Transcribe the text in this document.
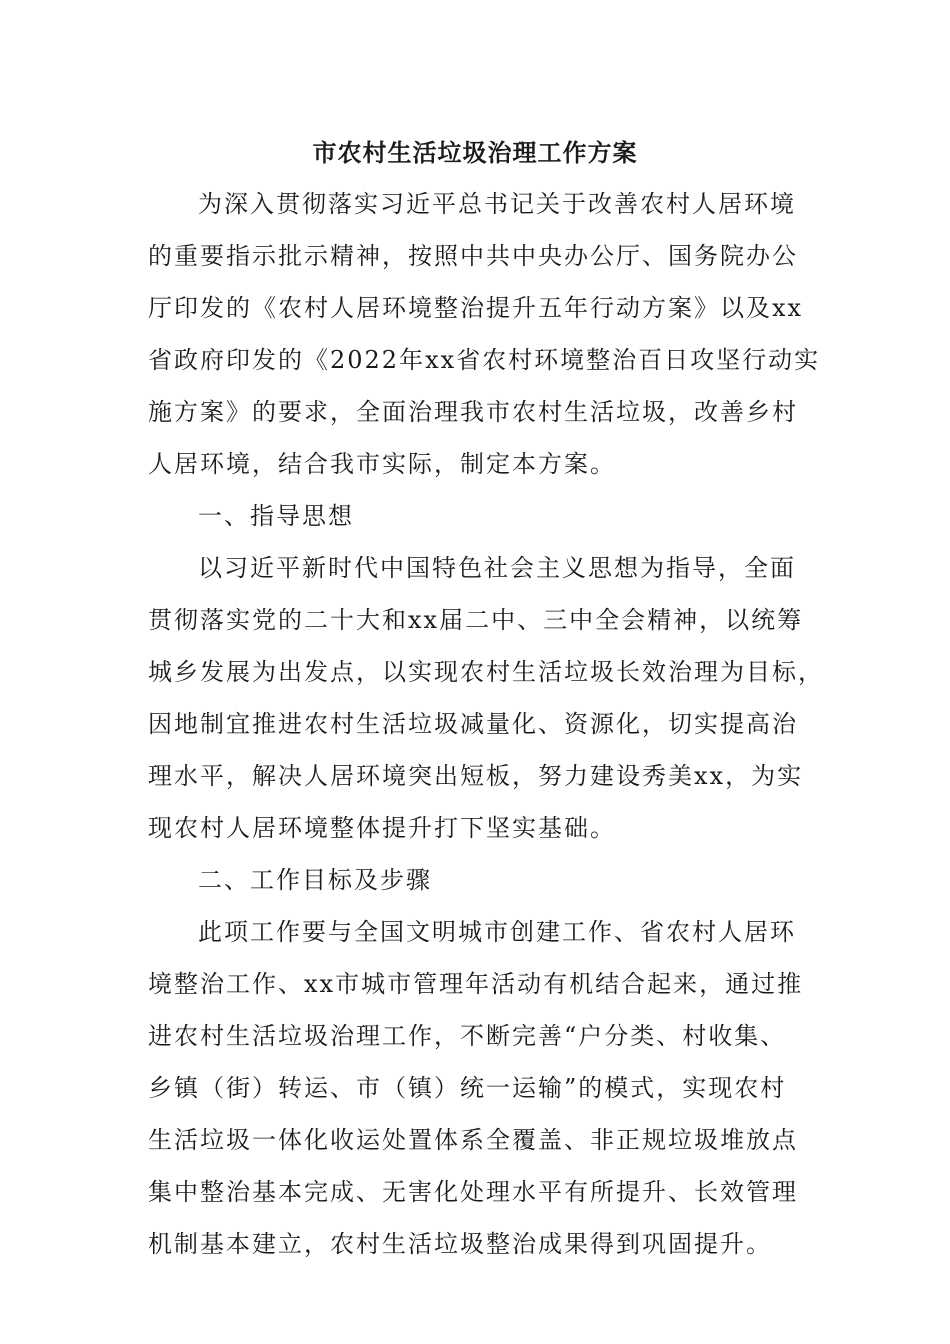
市农村生活垃圾治理工作方案
为深入贯彻落实习近平总书记关于改善农村人居环境
的重要指示批示精神，按照中共中央办公厅、国务院办公
厅印发的《农村人居环境整治提升五年行动方案》以及xx
省政府印发的《2022年xx省农村环境整治百日攻坚行动实
施方案》的要求，全面治理我市农村生活垃圾，改善乡村
人居环境，结合我市实际，制定本方案。
一、指导思想
以习近平新时代中国特色社会主义思想为指导，全面
贯彻落实党的二十大和xx届二中、三中全会精神，以统筹
城乡发展为出发点，以实现农村生活垃圾长效治理为目标，
因地制宜推进农村生活垃圾减量化、资源化，切实提高治
理水平，解决人居环境突出短板，努力建设秀美xx，为实
现农村人居环境整体提升打下坚实基础。
二、工作目标及步骤
此项工作要与全国文明城市创建工作、省农村人居环
境整治工作、xx市城市管理年活动有机结合起来，通过推
进农村生活垃圾治理工作，不断完善“户分类、村收集、
乡镇（街）转运、市（镇）统一运输”的模式，实现农村
生活垃圾一体化收运处置体系全覆盖、非正规垃圾堆放点
集中整治基本完成、无害化处理水平有所提升、长效管理
机制基本建立，农村生活垃圾整治成果得到巩固提升。
